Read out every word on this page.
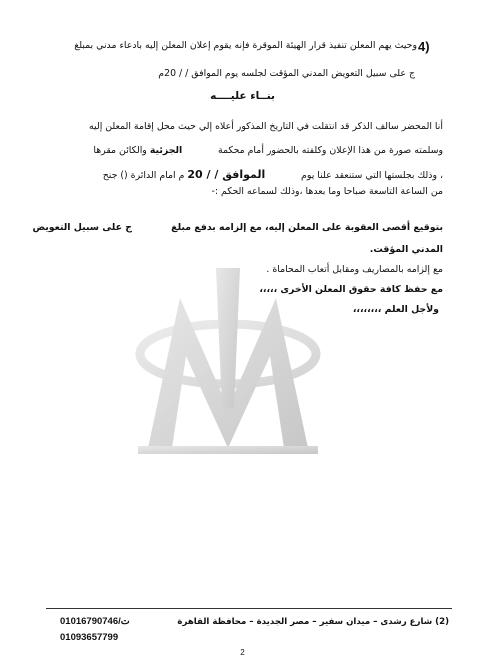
4)
وحيث يهم المعلن تنفيذ قرار الهيئة الموقرة فإنه يقوم إعلان المعلن إليه بادعاء مدني بمبلغ
ج على سبيل التعويض المدني المؤقت لجلسه يوم الموافق / / 20م
بنــاء عليــــه
أنا المحضر سالف الذكر قد انتقلت في التاريخ المذكور أعلاه إلي حيث محل إقامة المعلن إليه
وسلمته صورة من هذا الإعلان وكلفته بالحضور أمام محكمة            الجزئية والكائن مقرها
، وذلك بجلستها التي ستنعقد علنا يوم            الموافق / / 20 م امام الدائرة () جنح
من الساعة التاسعة صباحا وما بعدها ،وذلك لسماعه الحكم :-
بتوقيع أقصى العقوبة على المعلن إليه، مع إلزامه بدفع مبلغ            ج على سبيل التعويض
المدني المؤقت.
مع إلزامه بالمصاريف ومقابل أتعاب المحاماة .
مع حفظ كافة حقوق المعلن الأخرى ،،،،،
ولأجل العلم ،،،،،،،،
(2) شارع رشدى – ميدان سفير – مصر الجديدة – محافظة القاهرة
ت/01016790746
01093657799
2
